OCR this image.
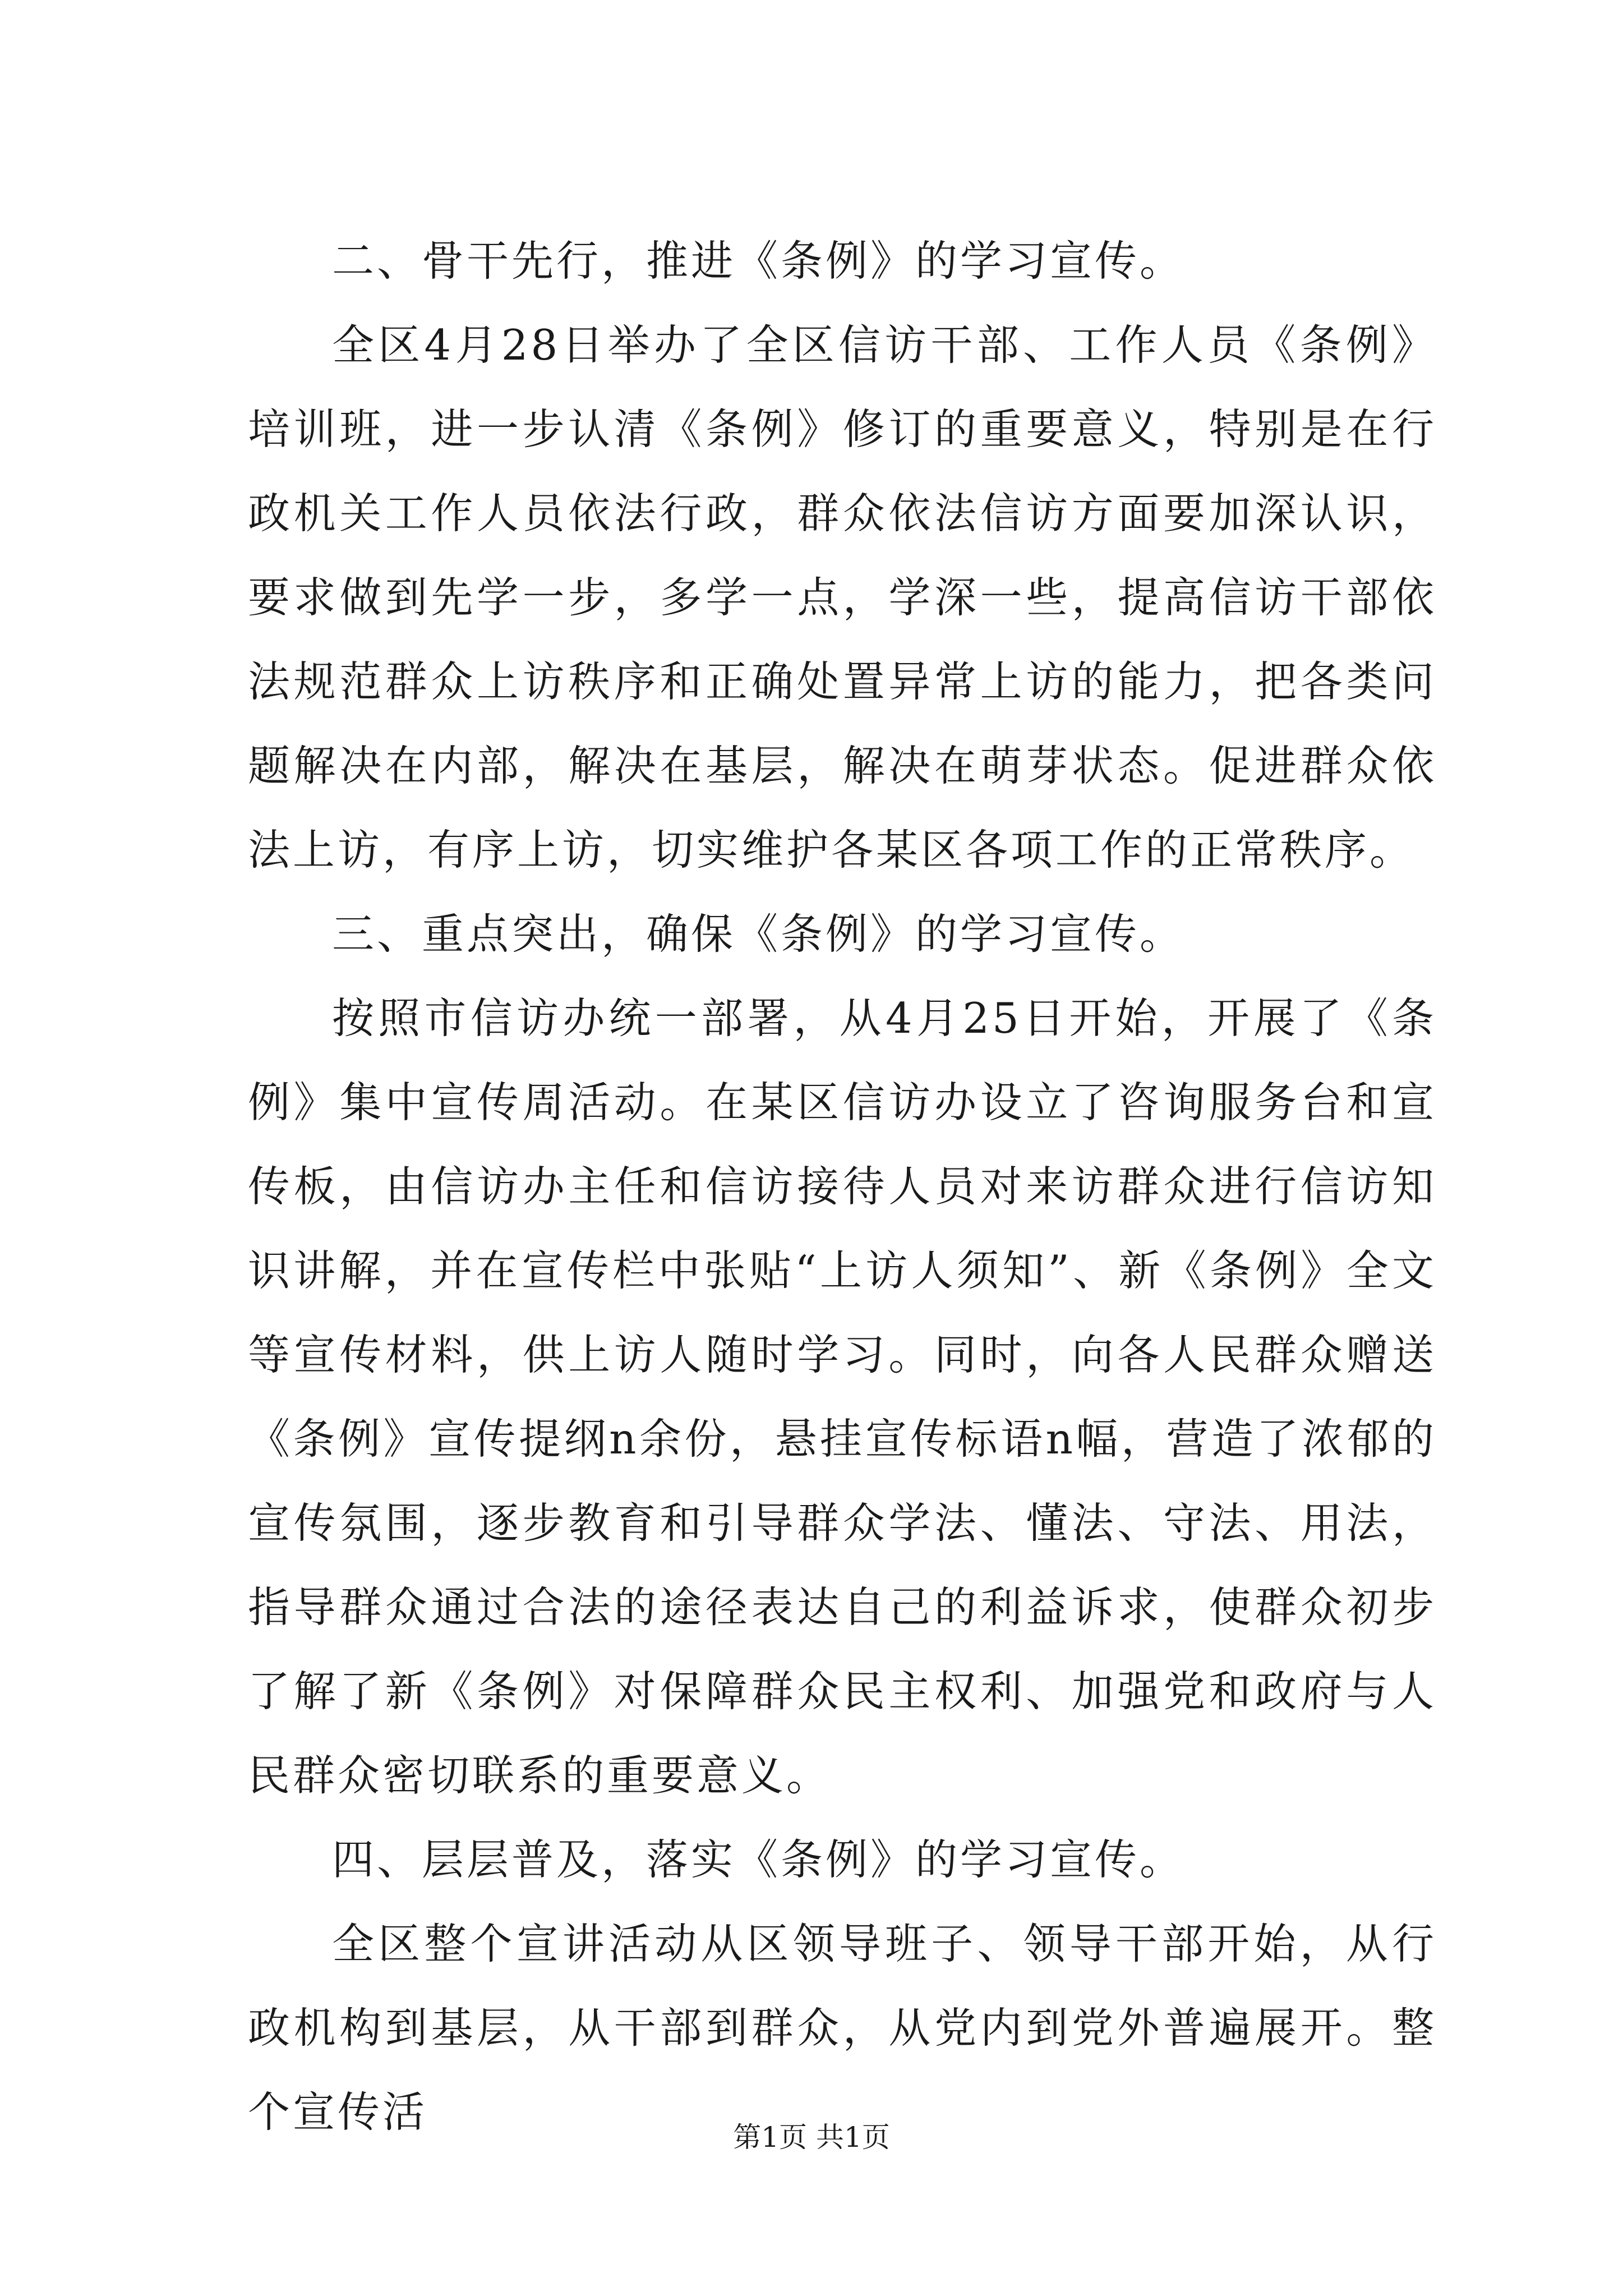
二、骨干先行，推进《条例》的学习宣传。

全区4月28日举办了全区信访干部、工作人员《条例》培训班，进一步认清《条例》修订的重要意义，特别是在行政机关工作人员依法行政，群众依法信访方面要加深认识，要求做到先学一步，多学一点，学深一些，提高信访干部依法规范群众上访秩序和正确处置异常上访的能力，把各类问题解决在内部，解决在基层，解决在萌芽状态。促进群众依法上访，有序上访，切实维护各某区各项工作的正常秩序。

三、重点突出，确保《条例》的学习宣传。

按照市信访办统一部署，从4月25日开始，开展了《条例》集中宣传周活动。在某区信访办设立了咨询服务台和宣传板，由信访办主任和信访接待人员对来访群众进行信访知识讲解，并在宣传栏中张贴“上访人须知”、新《条例》全文等宣传材料，供上访人随时学习。同时，向各人民群众赠送《条例》宣传提纲n余份，悬挂宣传标语n幅，营造了浓郁的宣传氛围，逐步教育和引导群众学法、懂法、守法、用法，指导群众通过合法的途径表达自己的利益诉求，使群众初步了解了新《条例》对保障群众民主权利、加强党和政府与人民群众密切联系的重要意义。

四、层层普及，落实《条例》的学习宣传。

全区整个宣讲活动从区领导班子、领导干部开始，从行政机构到基层，从干部到群众，从党内到党外普遍展开。整个宣传活

第1页 共1页
